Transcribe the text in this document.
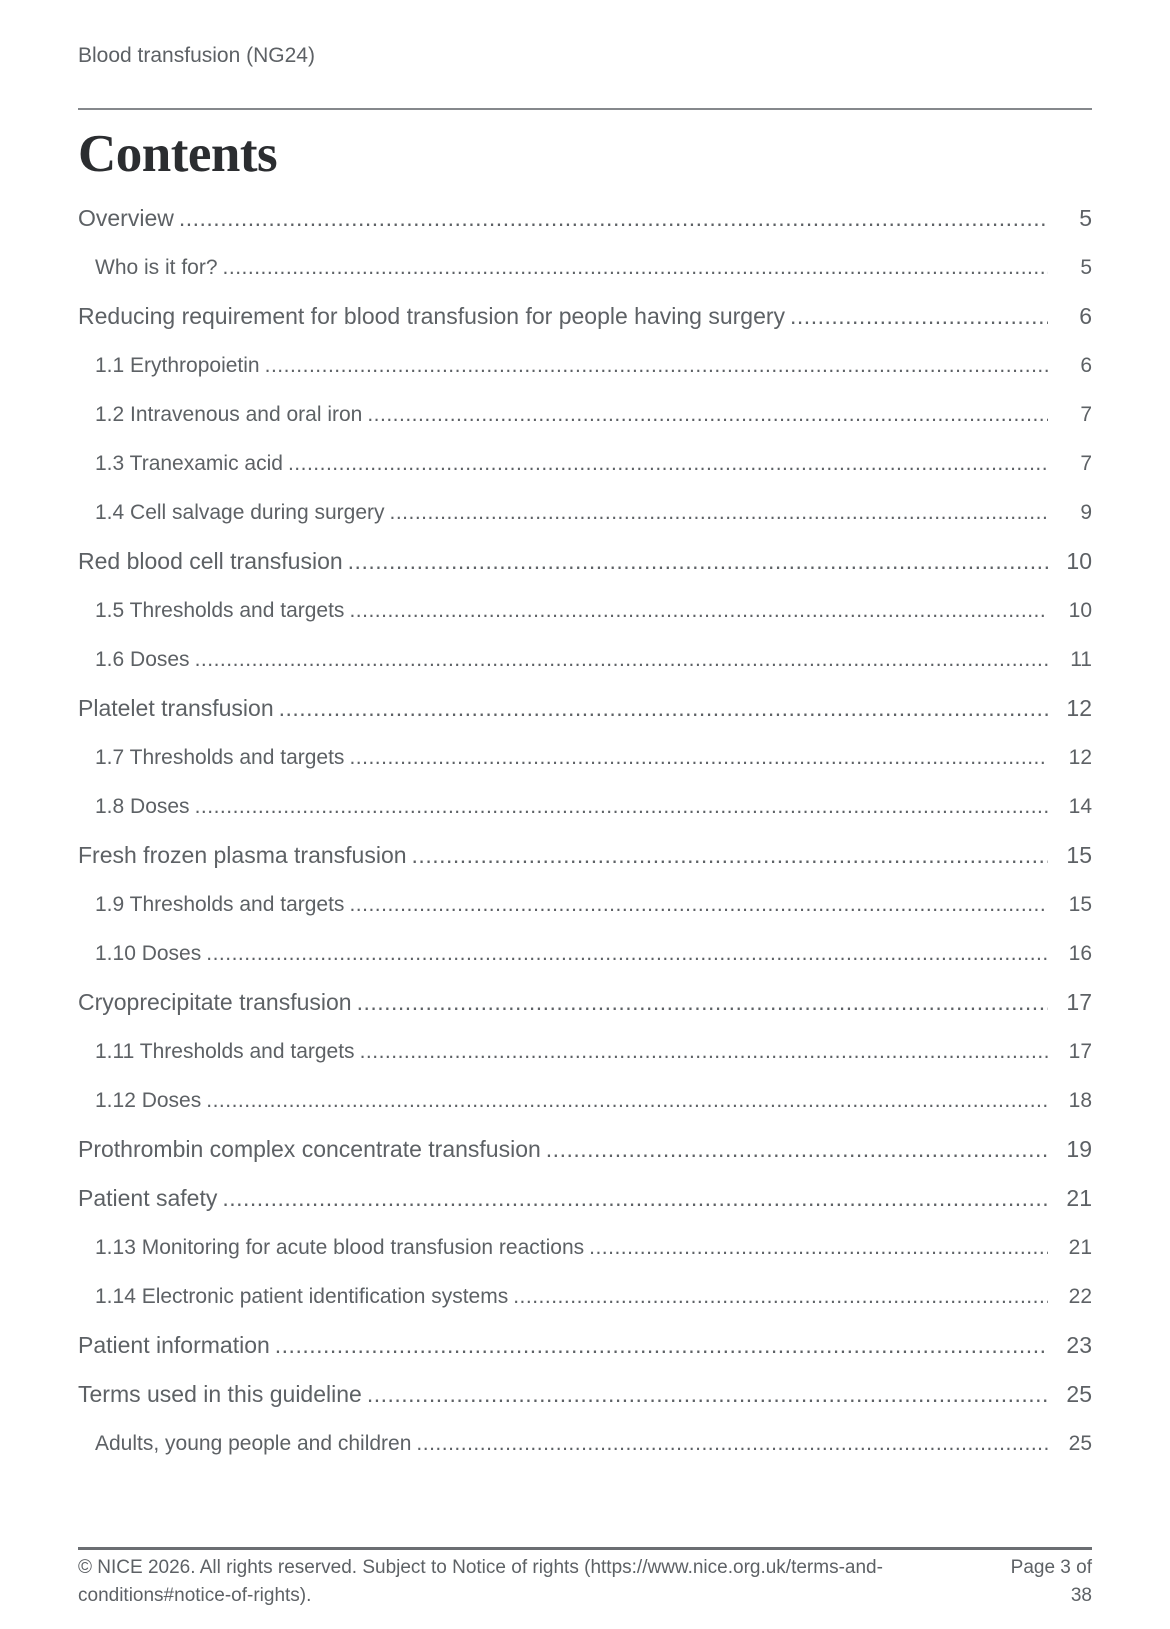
Blood transfusion (NG24)
Contents
Overview .....	5
Who is it for? .....	5
Reducing requirement for blood transfusion for people having surgery .....	6
1.1 Erythropoietin .....	6
1.2 Intravenous and oral iron .....	7
1.3 Tranexamic acid .....	7
1.4 Cell salvage during surgery .....	9
Red blood cell transfusion .....	10
1.5 Thresholds and targets .....	10
1.6 Doses .....	11
Platelet transfusion .....	12
1.7 Thresholds and targets .....	12
1.8 Doses .....	14
Fresh frozen plasma transfusion .....	15
1.9 Thresholds and targets .....	15
1.10 Doses .....	16
Cryoprecipitate transfusion .....	17
1.11 Thresholds and targets .....	17
1.12 Doses .....	18
Prothrombin complex concentrate transfusion .....	19
Patient safety .....	21
1.13 Monitoring for acute blood transfusion reactions .....	21
1.14 Electronic patient identification systems .....	22
Patient information .....	23
Terms used in this guideline .....	25
Adults, young people and children .....	25
© NICE 2026. All rights reserved. Subject to Notice of rights (https://www.nice.org.uk/terms-and-
conditions#notice-of-rights).
Page 3 of
38
